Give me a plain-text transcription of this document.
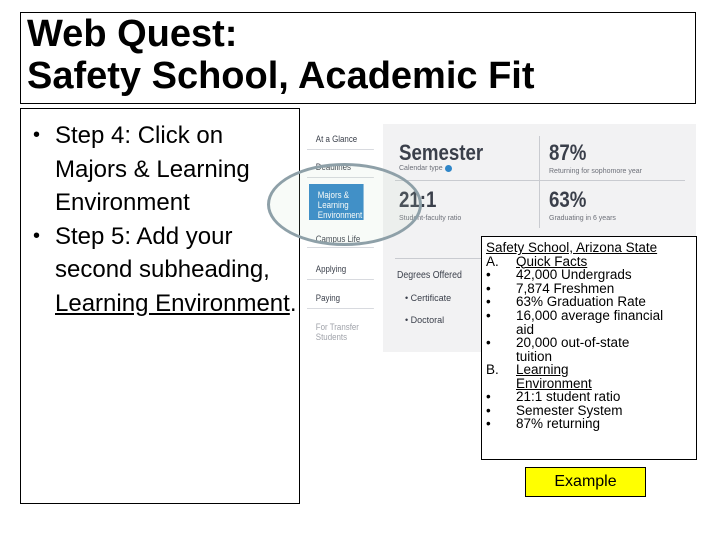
Web Quest:
Safety School, Academic Fit
• Step 4: Click on Majors & Learning Environment
• Step 5: Add your second subheading, Learning Environment.
At a Glance
Deadlines
Majors & Learning Environment
Campus Life
Applying
Paying
For Transfer Students
Semester
Calendar type
87%
Returning for sophomore year
21:1
Student-faculty ratio
63%
Graduating in 6 years
Degrees Offered
• Certificate
• Doctoral
Safety School, Arizona State
A. Quick Facts
• 42,000 Undergrads
• 7,874 Freshmen
• 63% Graduation Rate
• 16,000 average financial aid
• 20,000 out-of-state tuition
B. Learning Environment
• 21:1 student ratio
• Semester System
• 87% returning
Example
